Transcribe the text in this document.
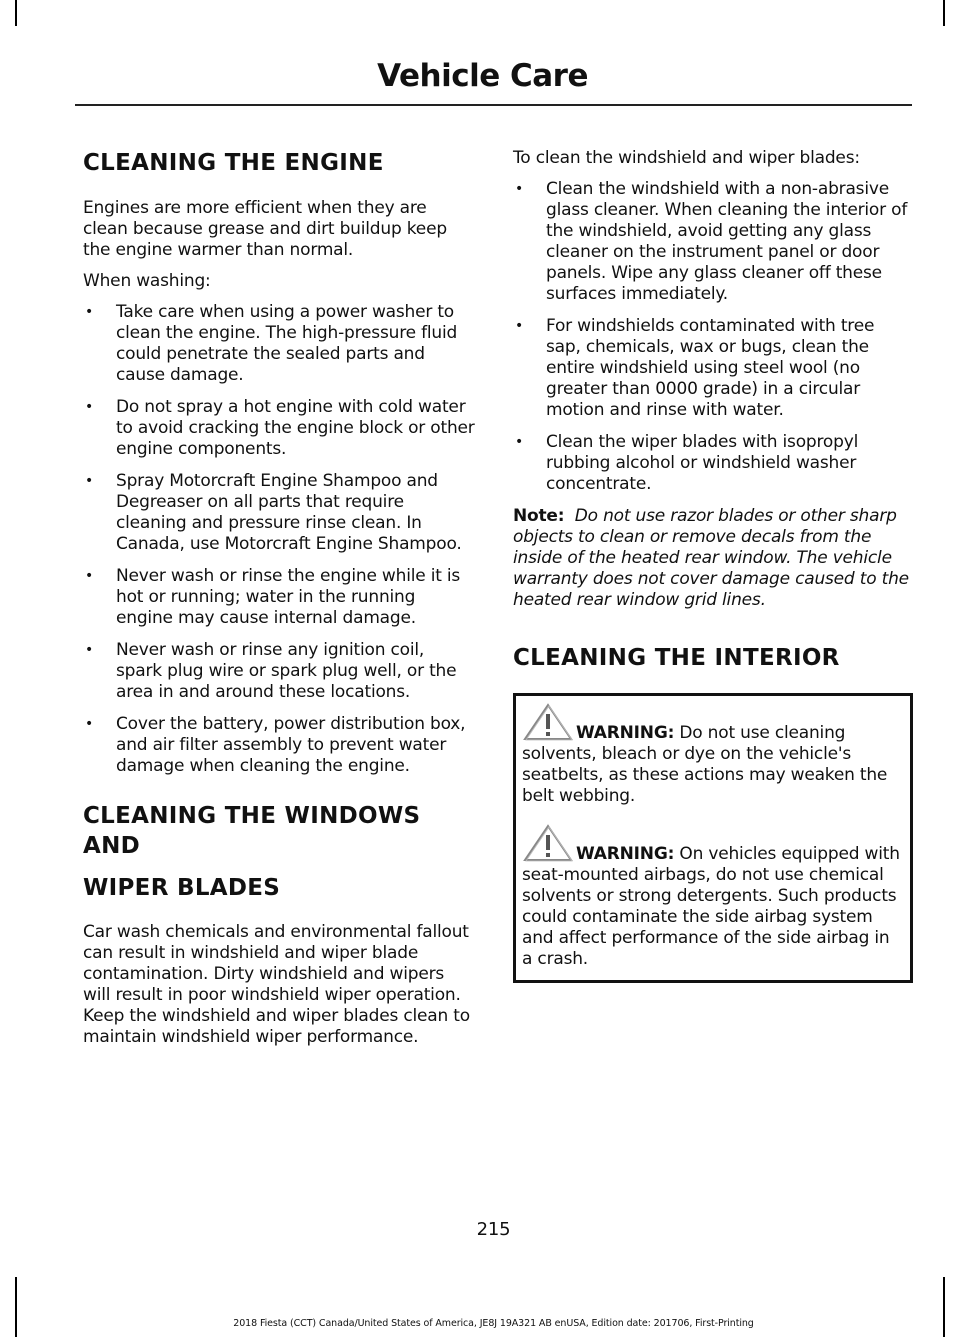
Vehicle Care
CLEANING THE ENGINE

Engines are more efficient when they are clean because grease and dirt buildup keep the engine warmer than normal.

When washing:

• Take care when using a power washer to clean the engine. The high-pressure fluid could penetrate the sealed parts and cause damage.
• Do not spray a hot engine with cold water to avoid cracking the engine block or other engine components.
• Spray Motorcraft Engine Shampoo and Degreaser on all parts that require cleaning and pressure rinse clean. In Canada, use Motorcraft Engine Shampoo.
• Never wash or rinse the engine while it is hot or running; water in the running engine may cause internal damage.
• Never wash or rinse any ignition coil, spark plug wire or spark plug well, or the area in and around these locations.
• Cover the battery, power distribution box, and air filter assembly to prevent water damage when cleaning the engine.
CLEANING THE WINDOWS AND
WIPER BLADES

Car wash chemicals and environmental fallout can result in windshield and wiper blade contamination. Dirty windshield and wipers will result in poor windshield wiper operation. Keep the windshield and wiper blades clean to maintain windshield wiper performance.

To clean the windshield and wiper blades:

• Clean the windshield with a non-abrasive glass cleaner. When cleaning the interior of the windshield, avoid getting any glass cleaner on the instrument panel or door panels. Wipe any glass cleaner off these surfaces immediately.
• For windshields contaminated with tree sap, chemicals, wax or bugs, clean the entire windshield using steel wool (no greater than 0000 grade) in a circular motion and rinse with water.
• Clean the wiper blades with isopropyl rubbing alcohol or windshield washer concentrate.

Note: Do not use razor blades or other sharp objects to clean or remove decals from the inside of the heated rear window. The vehicle warranty does not cover damage caused to the heated rear window grid lines.

CLEANING THE INTERIOR

WARNING: Do not use cleaning solvents, bleach or dye on the vehicle's seatbelts, as these actions may weaken the belt webbing.

WARNING: On vehicles equipped with seat-mounted airbags, do not use chemical solvents or strong detergents. Such products could contaminate the side airbag system and affect performance of the side airbag in a crash.

215

2018 Fiesta (CCT) Canada/United States of America, JE8J 19A321 AB enUSA, Edition date: 201706, First-Printing
